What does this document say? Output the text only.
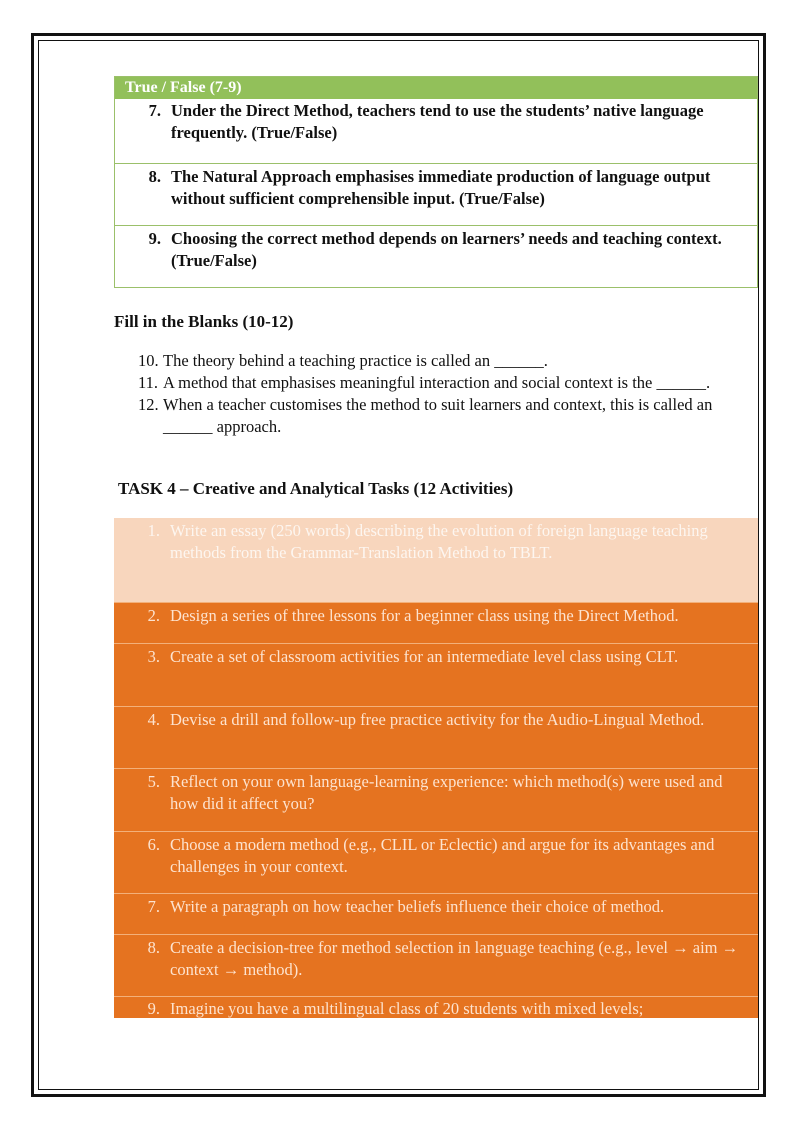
True / False (7-9)
7. Under the Direct Method, teachers tend to use the students’ native language frequently. (True/False)
8. The Natural Approach emphasises immediate production of language output without sufficient comprehensible input. (True/False)
9. Choosing the correct method depends on learners’ needs and teaching context. (True/False)
Fill in the Blanks (10-12)
10. The theory behind a teaching practice is called an ______.
11. A method that emphasises meaningful interaction and social context is the ______.
12. When a teacher customises the method to suit learners and context, this is called an ______ approach.
TASK 4 – Creative and Analytical Tasks (12 Activities)
1. Write an essay (250 words) describing the evolution of foreign language teaching methods from the Grammar-Translation Method to TBLT.
2. Design a series of three lessons for a beginner class using the Direct Method.
3. Create a set of classroom activities for an intermediate level class using CLT.
4. Devise a drill and follow-up free practice activity for the Audio-Lingual Method.
5. Reflect on your own language-learning experience: which method(s) were used and how did it affect you?
6. Choose a modern method (e.g., CLIL or Eclectic) and argue for its advantages and challenges in your context.
7. Write a paragraph on how teacher beliefs influence their choice of method.
8. Create a decision-tree for method selection in language teaching (e.g., level → aim → context → method).
9. Imagine you have a multilingual class of 20 students with mixed levels;
